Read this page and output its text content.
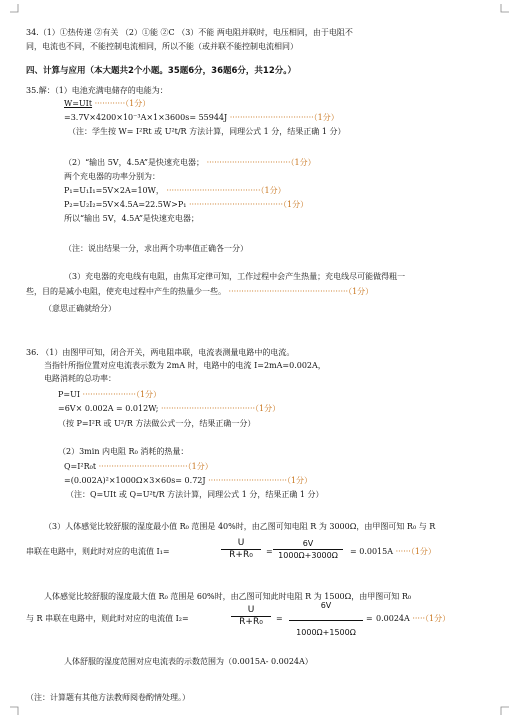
34.（1）①热传递 ②有关 （2）①能 ②C （3）不能 两电阻并联时，电压相同，由于电阻不
同，电流也不同，不能控制电流相同，所以不能（或并联不能控制电流相同）
四、计算与应用（本大题共2个小题。35题6分，36题6分，共12分。）
35.解：（1）电池充满电储存的电能为：
W=UIt ············（1分）
=3.7V×4200×10⁻³A×1×3600s= 55944J ·································（1分）
（注：学生按 W= I²Rt 或 U²t/R 方法计算，同理公式 1 分，结果正确 1 分）
（2）“输出 5V，4.5A”是快速充电器； ·································（1分）
两个充电器的功率分别为：
P₁=U₁I₁=5V×2A=10W， ·····································（1分）
P₂=U₂I₂=5V×4.5A=22.5W>P₁ ·····································（1分）
所以“输出 5V，4.5A”是快速充电器；
（注：说出结果一分，求出两个功率值正确各一分）
（3）充电器的充电线有电阻，由焦耳定律可知，工作过程中会产生热量；充电线尽可能做得粗一
些，目的是减小电阻，使充电过程中产生的热量少一些。 ···············································（1分）
（意思正确就给分）
36. （1）由图甲可知，闭合开关，两电阻串联，电流表测量电路中的电流。
当指针所指位置对应电流表示数为 2mA 时，电路中的电流 I=2mA=0.002A，
电路消耗的总功率：
P=UI ·····················（1分）
=6V× 0.002A = 0.012W; ·····································（1分）
（按 P=I²R 或 U²/R 方法做公式一分，结果正确一分）
（2）3min 内电阻 R₀ 消耗的热量：
Q=I²R₀t ···································（1分）
=(0.002A)²×1000Ω×3×60s= 0.72J ·······························（1分）
（注：Q=UIt 或 Q=U²t/R 方法计算，同理公式 1 分，结果正确 1 分）
（3）人体感觉比较舒服的湿度最小值 R₀ 范围是 40%时，由乙图可知电阻 R 为 3000Ω，由甲图可知 R₀ 与 R
串联在电路中，则此时对应的电流值 I₁=
U
R+R₀	=
6V
1000Ω+3000Ω	= 0.0015A ······（1分）
人体感觉比较舒服的湿度最大值 R₀ 范围是 60%时，由乙图可知此时电阻 R 为 1500Ω，由甲图可知 R₀
与 R 串联在电路中，则此时对应的电流值 I₂=
U
R+R₀	=
6V
1000Ω+1500Ω
= 0.0024A ·····（1分）
人体舒服的湿度范围对应电流表的示数范围为（0.0015A- 0.0024A）
（注：计算题有其他方法教师阅卷酌情处理。）
